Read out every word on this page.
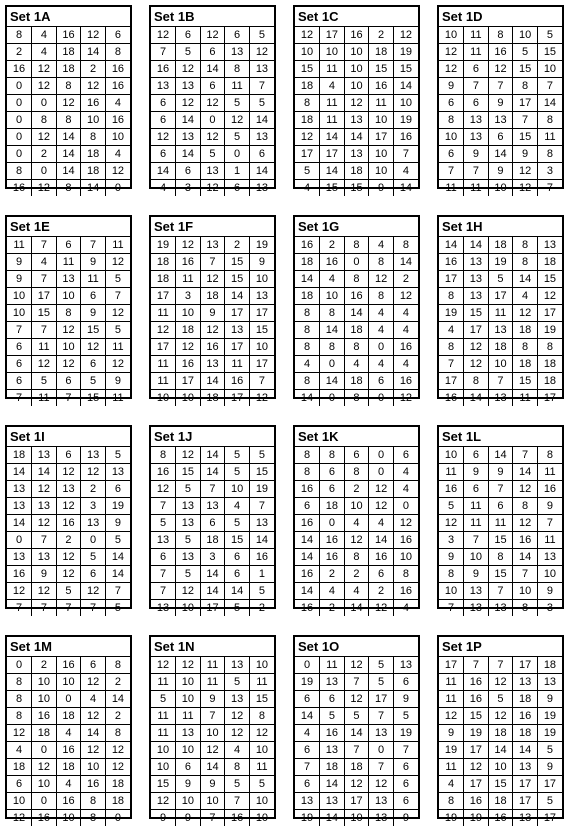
Set 1A
8	4	16	12	6
2	4	18	14	8
16	12	18	2	16
0	12	8	12	16
0	0	12	16	4
0	8	8	10	16
0	12	14	8	10
0	2	14	18	4
8	0	14	18	12
16	12	8	14	0
Set 1B
12	6	12	6	5
7	5	6	13	12
16	12	14	8	13
13	13	6	11	7
6	12	12	5	5
6	14	0	12	14
12	13	12	5	13
6	14	5	0	6
14	6	13	1	14
4	3	12	6	13
Set 1C
12	17	16	2	12
10	10	10	18	19
15	11	10	15	15
18	4	10	16	14
8	11	12	11	10
18	11	13	10	19
12	14	14	17	16
17	17	13	10	7
5	14	18	10	4
4	15	15	9	14
Set 1D
10	11	8	10	5
12	11	16	5	15
12	6	12	15	10
9	7	7	8	7
6	6	9	17	14
8	13	13	7	8
10	13	6	15	11
6	9	14	9	8
7	7	9	12	3
11	11	10	12	7
Set 1E
11	7	6	7	11
9	4	11	9	12
9	7	13	11	5
10	17	10	6	7
10	15	8	9	12
7	7	12	15	5
6	11	10	12	11
6	12	12	6	12
6	5	6	5	9
7	11	7	15	11
Set 1F
19	12	13	2	19
18	16	7	15	9
18	11	12	15	10
17	3	18	14	13
11	10	9	17	17
12	18	12	13	15
17	12	16	17	10
11	16	13	11	17
11	17	14	16	7
10	10	18	17	12
Set 1G
16	2	8	4	8
18	16	0	8	14
14	4	8	12	2
18	10	16	8	12
8	8	14	4	4
8	14	18	4	4
8	8	8	0	16
4	0	4	4	4
8	14	18	6	16
14	0	8	0	12
Set 1H
14	14	18	8	13
16	13	19	8	18
17	13	5	14	15
8	13	17	4	12
19	15	11	12	17
4	17	13	18	19
8	12	18	8	8
7	12	10	18	18
17	8	7	15	18
16	14	13	11	17
Set 1I
18	13	6	13	5
14	14	12	12	13
13	12	13	2	6
13	13	12	3	19
14	12	16	13	9
0	7	2	0	5
13	13	12	5	14
16	9	12	6	14
12	12	5	12	7
7	7	7	7	5
Set 1J
8	12	14	5	5
16	15	14	5	15
12	5	7	10	19
7	13	13	4	7
5	13	6	5	13
13	5	18	15	14
6	13	3	6	16
7	5	14	6	1
7	12	14	14	5
13	10	17	5	2
Set 1K
8	8	6	0	6
8	6	8	0	4
16	6	2	12	4
6	18	10	12	0
16	0	4	4	12
14	16	12	14	16
14	16	8	16	10
16	2	2	6	8
14	4	4	2	16
16	2	14	12	4
Set 1L
10	6	14	7	8
11	9	9	14	11
16	6	7	12	16
5	11	6	8	9
12	11	11	12	7
3	7	15	16	11
9	10	8	14	13
8	9	15	7	10
10	13	7	10	9
7	13	13	8	3
Set 1M
0	2	16	6	8
8	10	10	12	2
8	10	0	4	14
8	16	18	12	2
12	18	4	14	8
4	0	16	12	12
18	12	18	10	12
6	10	4	16	18
10	0	16	8	18
12	16	10	8	0
Set 1N
12	12	11	13	10
11	10	11	5	11
5	10	9	13	15
11	11	7	12	8
11	13	10	12	12
10	10	12	4	10
10	6	14	8	11
15	9	9	5	5
12	10	10	7	10
9	9	7	16	10
Set 1O
0	11	12	5	13
19	13	7	5	6
6	6	12	17	9
14	5	5	7	5
4	16	14	13	19
6	13	7	0	7
7	18	18	7	6
6	14	12	12	6
13	13	17	13	6
19	14	10	13	9
Set 1P
17	7	7	17	18
11	16	12	13	13
11	16	5	18	9
12	15	12	16	19
9	19	18	18	19
19	17	14	14	5
11	12	10	13	9
4	17	15	17	17
8	16	18	17	5
19	19	16	13	17
